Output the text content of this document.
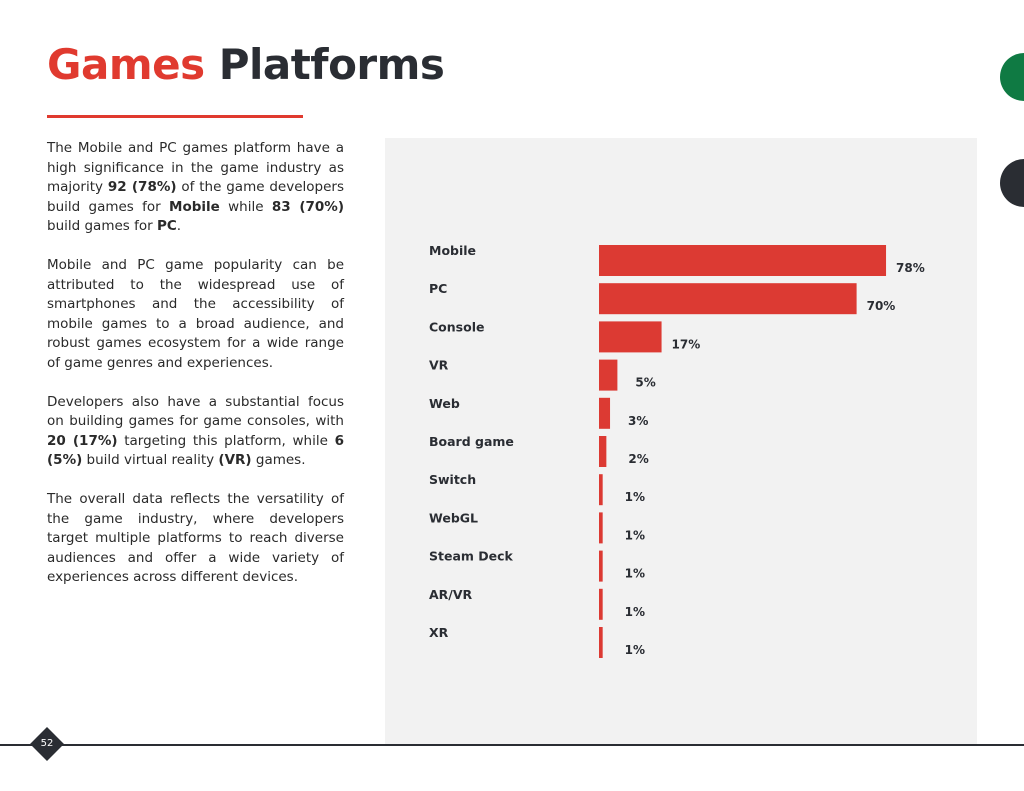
Games Platforms

The Mobile and PC games platform have a high significance in the game industry as majority 92 (78%) of the game developers build games for Mobile while 83 (70%) build games for PC.

Mobile and PC game popularity can be attributed to the widespread use of smartphones and the accessibility of mobile games to a broad audience, and robust games ecosystem for a wide range of game genres and experiences.

Developers also have a substantial focus on building games for game consoles, with 20 (17%) targeting this platform, while 6 (5%) build virtual reality (VR) games.

The overall data reflects the versatility of the game industry, where developers target multiple platforms to reach diverse audiences and offer a wide variety of experiences across different devices.

Mobile
78%
PC
70%
Console
17%
VR
5%
Web
3%
Board game
2%
Switch
1%
WebGL
1%
Steam Deck
1%
AR/VR
1%
XR
1%
52
